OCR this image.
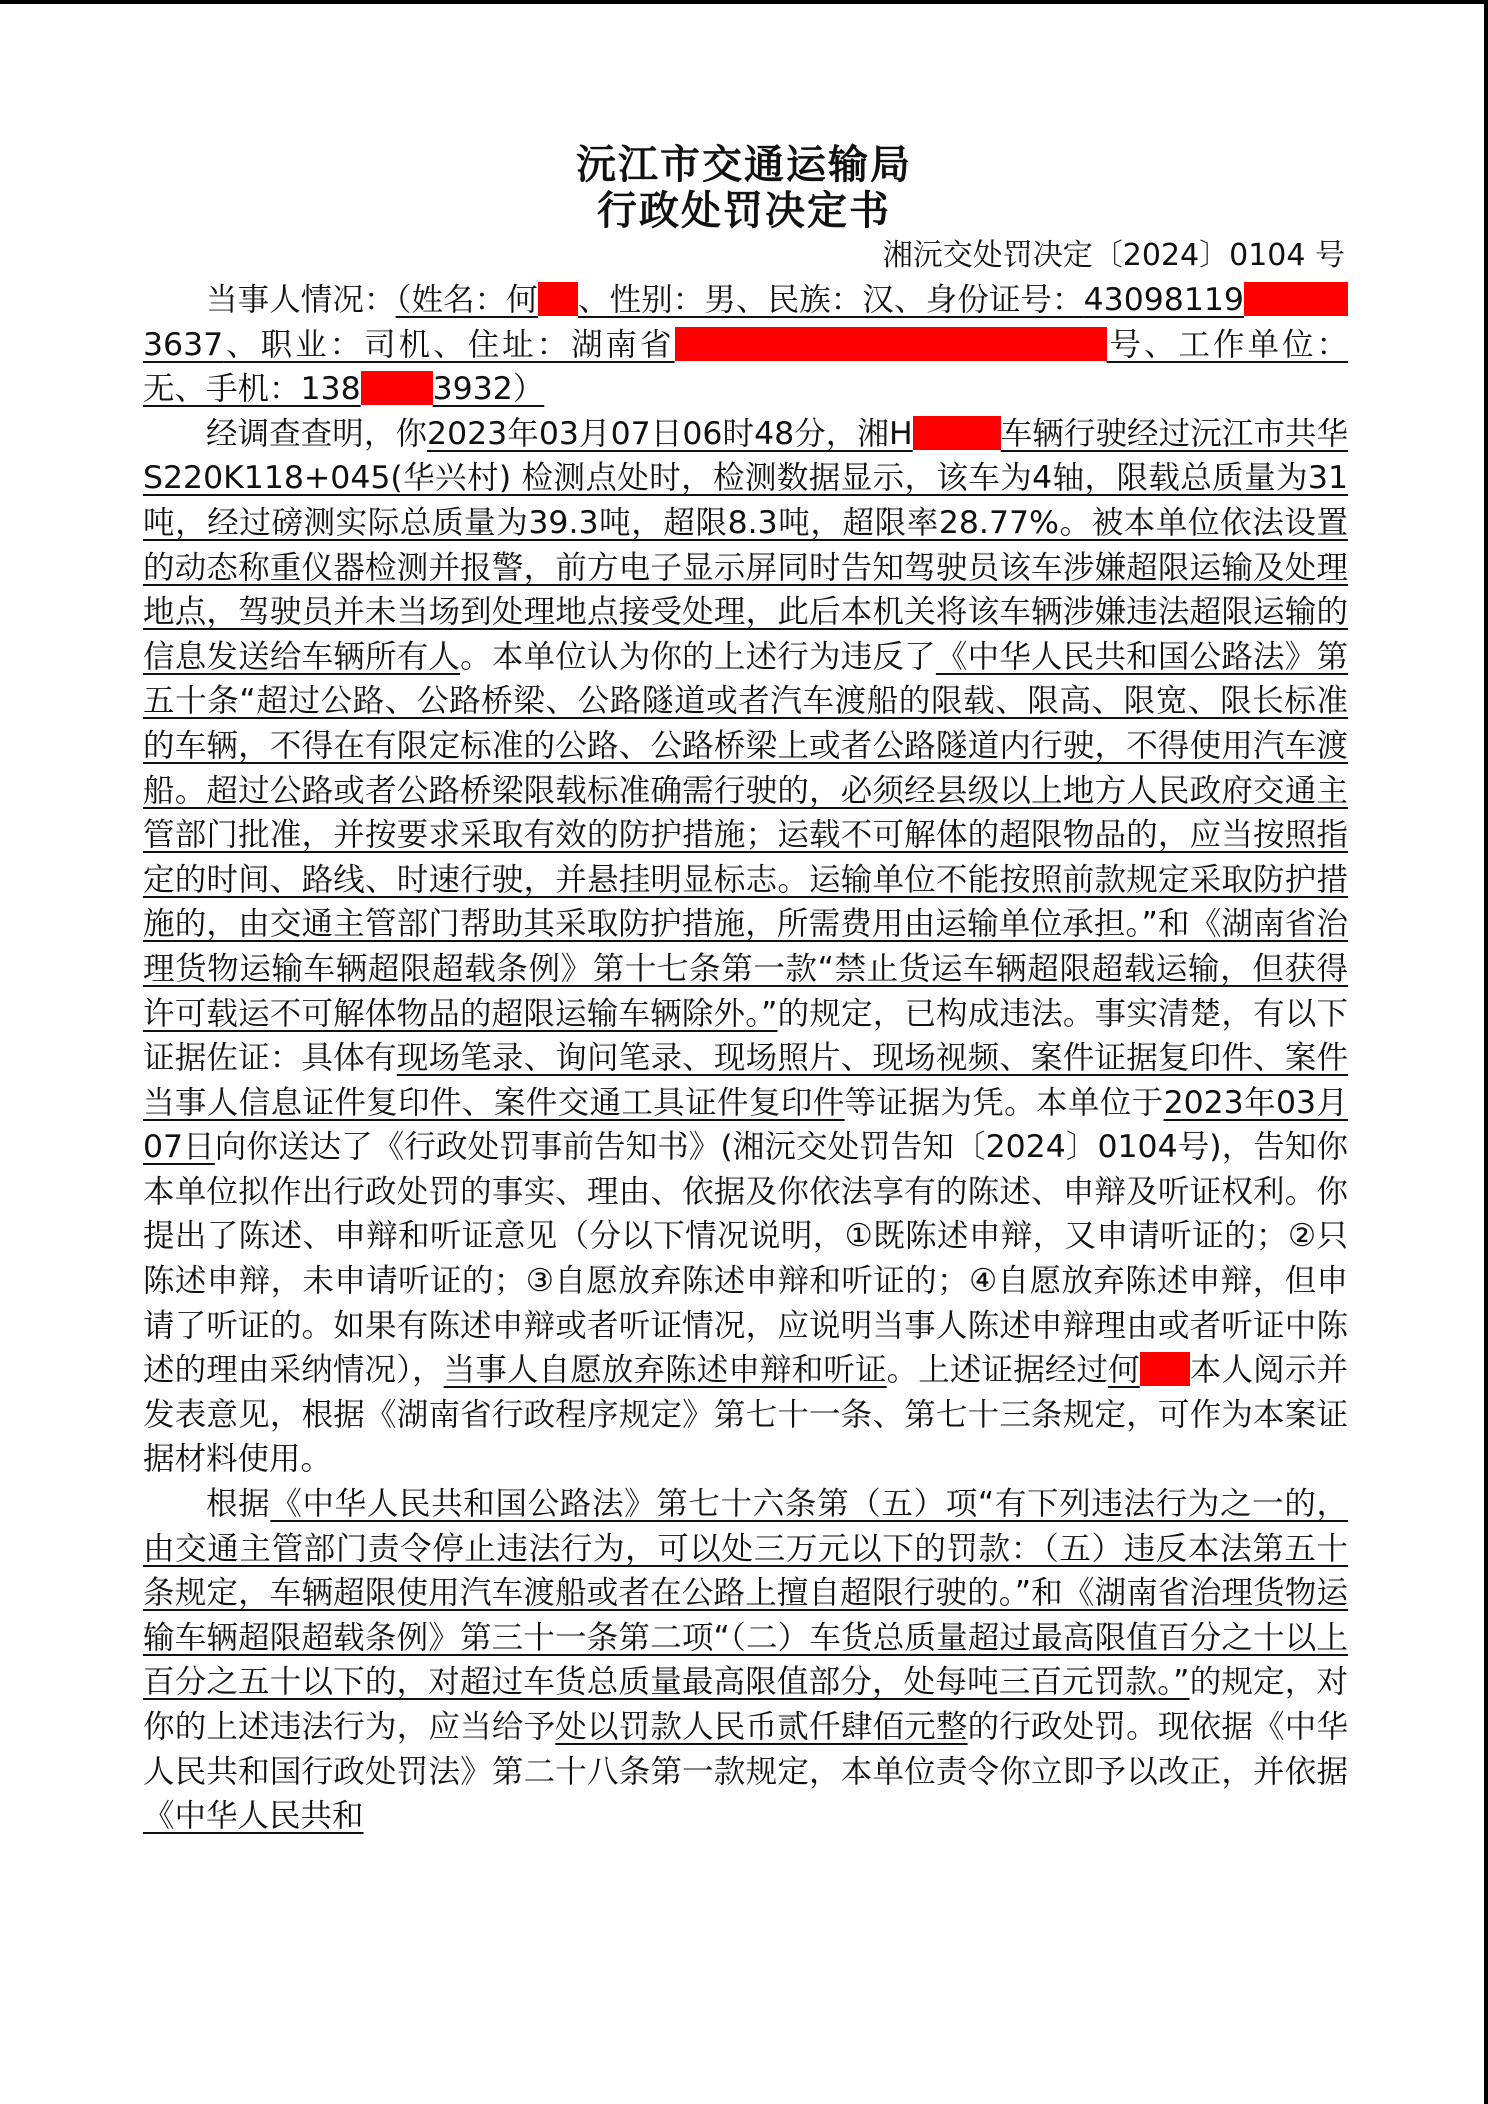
沅江市交通运输局
行政处罚决定书
湘沅交处罚决定〔2024〕0104 号

当事人情况：（姓名：何 、性别：男、民族：汉、身份证号：430981193637、职业：司机、住址：湖南省	号、工作单位：无、手机：138 3932）

经调查查明，你2023年03月07日06时48分，湘H	车辆行驶经过沅江市共华S220K118+045(华兴村) 检测点处时，检测数据显示，该车为4轴，限载总质量为31吨，经过磅测实际总质量为39.3吨，超限8.3吨，超限率28.77%。被本单位依法设置的动态称重仪器检测并报警，前方电子显示屏同时告知驾驶员该车涉嫌超限运输及处理地点，驾驶员并未当场到处理地点接受处理，此后本机关将该车辆涉嫌违法超限运输的信息发送给车辆所有人。本单位认为你的上述行为违反了《中华人民共和国公路法》第五十条“超过公路、公路桥梁、公路隧道或者汽车渡船的限载、限高、限宽、限长标准的车辆，不得在有限定标准的公路、公路桥梁上或者公路隧道内行驶，不得使用汽车渡船。超过公路或者公路桥梁限载标准确需行驶的，必须经县级以上地方人民政府交通主管部门批准，并按要求采取有效的防护措施；运载不可解体的超限物品的，应当按照指定的时间、路线、时速行驶，并悬挂明显标志。运输单位不能按照前款规定采取防护措施的，由交通主管部门帮助其采取防护措施，所需费用由运输单位承担。”和《湖南省治理货物运输车辆超限超载条例》第十七条第一款“禁止货运车辆超限超载运输，但获得许可载运不可解体物品的超限运输车辆除外。”的规定，已构成违法。事实清楚，有以下证据佐证：具体有现场笔录、询问笔录、现场照片、现场视频、案件证据复印件、案件当事人信息证件复印件、案件交通工具证件复印件等证据为凭。本单位于2023年03月07日向你送达了《行政处罚事前告知书》(湘沅交处罚告知〔2024〕0104号)，告知你本单位拟作出行政处罚的事实、理由、依据及你依法享有的陈述、申辩及听证权利。你提出了陈述、申辩和听证意见（分以下情况说明，①既陈述申辩，又申请听证的；②只陈述申辩，未申请听证的；③自愿放弃陈述申辩和听证的；④自愿放弃陈述申辩，但申请了听证的。如果有陈述申辩或者听证情况，应说明当事人陈述申辩理由或者听证中陈述的理由采纳情况），当事人自愿放弃陈述申辩和听证。上述证据经过何 本人阅示并发表意见，根据《湖南省行政程序规定》第七十一条、第七十三条规定，可作为本案证据材料使用。

根据《中华人民共和国公路法》第七十六条第（五）项“有下列违法行为之一的，由交通主管部门责令停止违法行为，可以处三万元以下的罚款：（五）违反本法第五十条规定，车辆超限使用汽车渡船或者在公路上擅自超限行驶的。”和《湖南省治理货物运输车辆超限超载条例》第三十一条第二项“（二）车货总质量超过最高限值百分之十以上百分之五十以下的，对超过车货总质量最高限值部分，处每吨三百元罚款。”的规定，对你的上述违法行为，应当给予处以罚款人民币贰仟肆佰元整的行政处罚。现依据《中华人民共和国行政处罚法》第二十八条第一款规定，本单位责令你立即予以改正，并依据《中华人民共和
